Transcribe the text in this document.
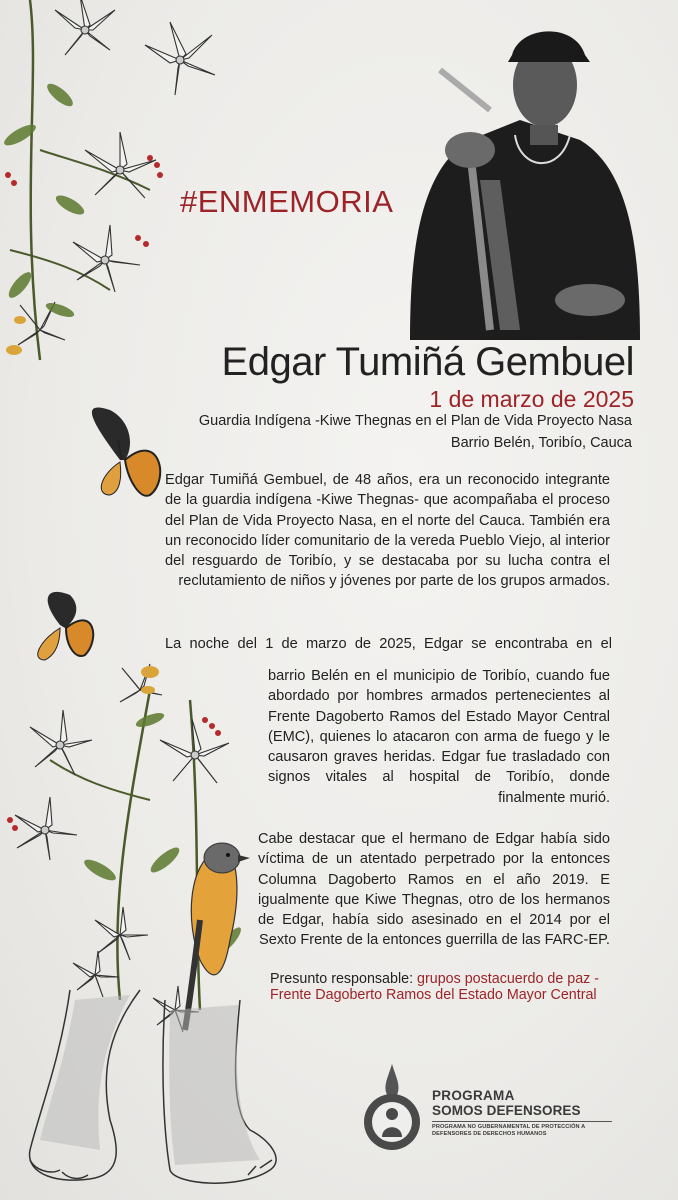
#ENMEMORIA
Edgar Tumiñá Gembuel
1 de marzo de 2025
Guardia Indígena -Kiwe Thegnas en el Plan de Vida Proyecto Nasa
Barrio Belén, Toribío, Cauca

Edgar Tumiñá Gembuel, de 48 años, era un reconocido integrante de la guardia indígena -Kiwe Thegnas- que acompañaba el proceso del Plan de Vida Proyecto Nasa, en el norte del Cauca. También era un reconocido líder comunitario de la vereda Pueblo Viejo, al interior del resguardo de Toribío, y se destacaba por su lucha contra el reclutamiento de niños y jóvenes por parte de los grupos armados.

La noche del 1 de marzo de 2025, Edgar se encontraba en el

barrio Belén en el municipio de Toribío, cuando fue abordado por hombres armados pertenecientes al Frente Dagoberto Ramos del Estado Mayor Central (EMC), quienes lo atacaron con arma de fuego y le causaron graves heridas. Edgar fue trasladado con signos vitales al hospital de Toribío, donde finalmente murió.

Cabe destacar que el hermano de Edgar había sido víctima de un atentado perpetrado por la entonces Columna Dagoberto Ramos en el año 2019. E igualmente que Kiwe Thegnas, otro de los hermanos de Edgar, había sido asesinado en el 2014 por el Sexto Frente de la entonces guerrilla de las FARC-EP.

Presunto responsable: grupos postacuerdo de paz - Frente Dagoberto Ramos del Estado Mayor Central
PROGRAMA
SOMOS DEFENSORES
PROGRAMA NO GUBERNAMENTAL DE PROTECCIÓN A DEFENSORES DE DERECHOS HUMANOS
